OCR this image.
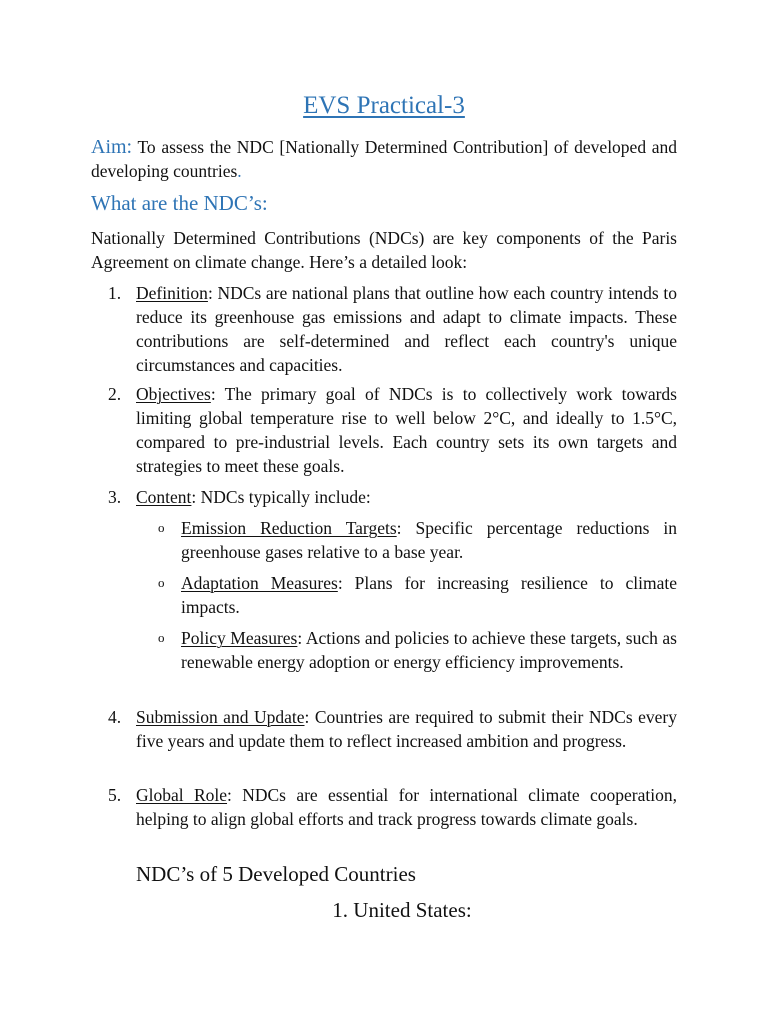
EVS Practical-3
Aim: To assess the NDC [Nationally Determined Contribution] of developed and developing countries.
What are the NDC’s:
Nationally Determined Contributions (NDCs) are key components of the Paris Agreement on climate change. Here’s a detailed look:
1. Definition: NDCs are national plans that outline how each country intends to reduce its greenhouse gas emissions and adapt to climate impacts. These contributions are self-determined and reflect each country's unique circumstances and capacities.
2. Objectives: The primary goal of NDCs is to collectively work towards limiting global temperature rise to well below 2°C, and ideally to 1.5°C, compared to pre-industrial levels. Each country sets its own targets and strategies to meet these goals.
3. Content: NDCs typically include:
o Emission Reduction Targets: Specific percentage reductions in greenhouse gases relative to a base year.
o Adaptation Measures: Plans for increasing resilience to climate impacts.
o Policy Measures: Actions and policies to achieve these targets, such as renewable energy adoption or energy efficiency improvements.
4. Submission and Update: Countries are required to submit their NDCs every five years and update them to reflect increased ambition and progress.
5. Global Role: NDCs are essential for international climate cooperation, helping to align global efforts and track progress towards climate goals.
NDC’s of 5 Developed Countries
1. United States:
